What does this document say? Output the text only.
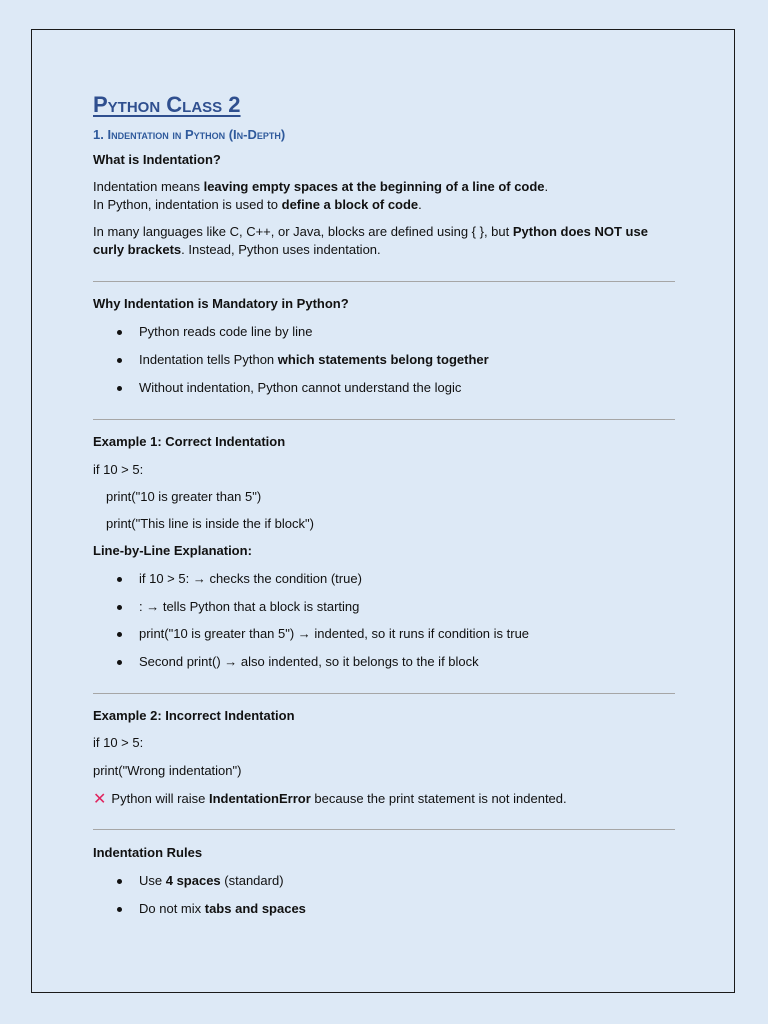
Python Class 2
1. Indentation in Python (In-Depth)

What is Indentation?

Indentation means leaving empty spaces at the beginning of a line of code.
In Python, indentation is used to define a block of code.

In many languages like C, C++, or Java, blocks are defined using { }, but Python does NOT use curly brackets. Instead, Python uses indentation.

Why Indentation is Mandatory in Python?

Python reads code line by line
Indentation tells Python which statements belong together
Without indentation, Python cannot understand the logic

Example 1: Correct Indentation

if 10 > 5:

print("10 is greater than 5")

print("This line is inside the if block")

Line-by-Line Explanation:

if 10 > 5: → checks the condition (true)
: → tells Python that a block is starting
print("10 is greater than 5") → indented, so it runs if condition is true
Second print() → also indented, so it belongs to the if block

Example 2: Incorrect Indentation

if 10 > 5:

print("Wrong indentation")

✕ Python will raise IndentationError because the print statement is not indented.

Indentation Rules

Use 4 spaces (standard)
Do not mix tabs and spaces
